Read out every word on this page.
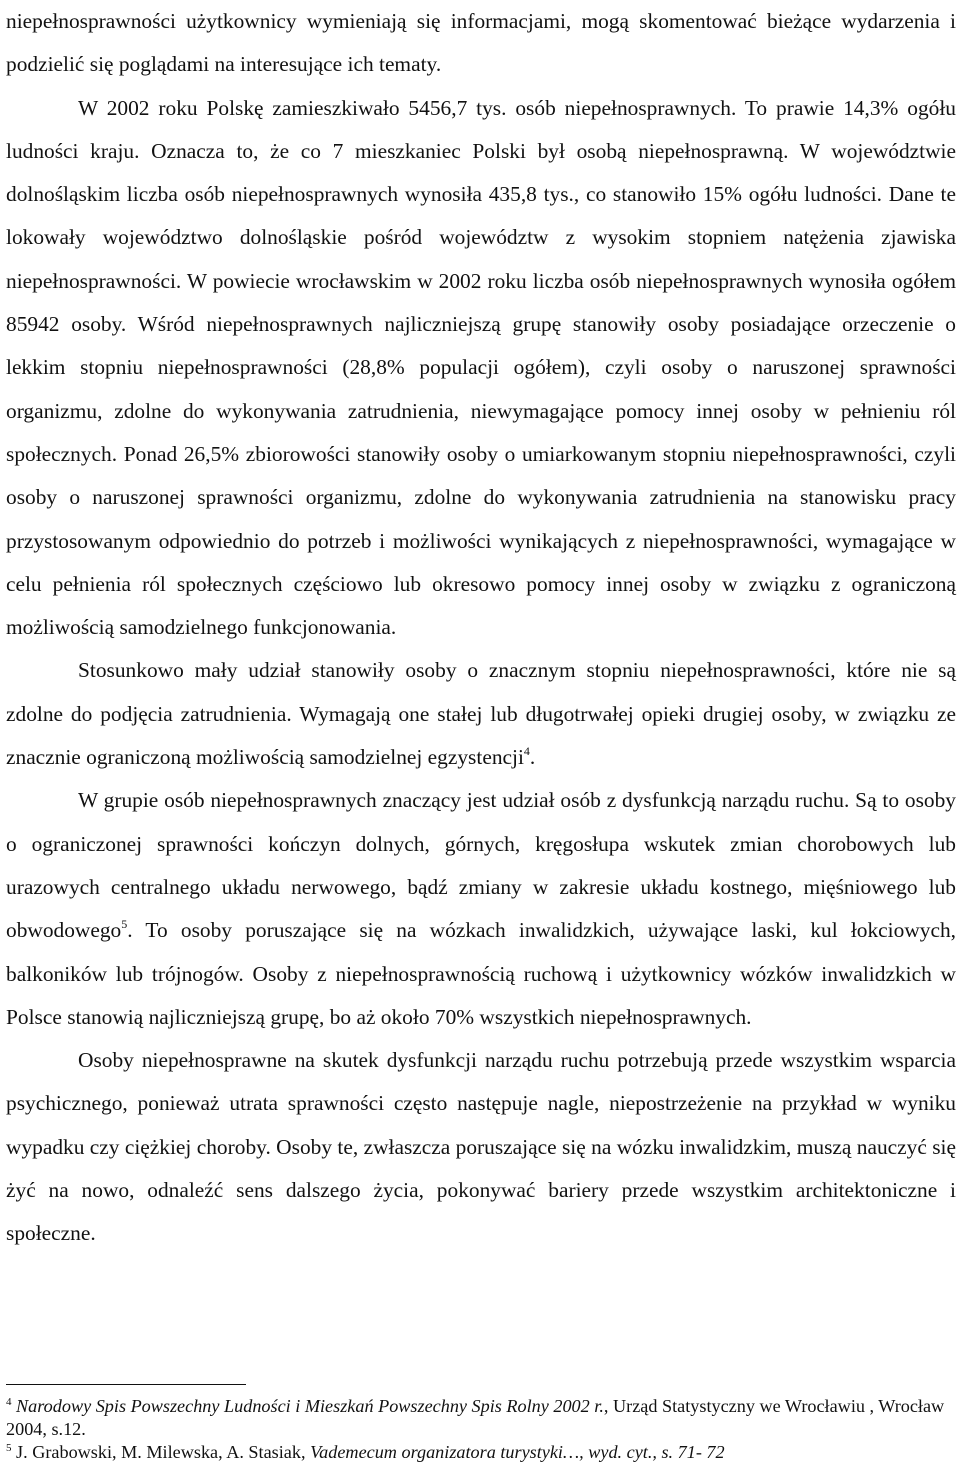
niepełnosprawności użytkownicy wymieniają się informacjami, mogą skomentować bieżące wydarzenia i podzielić się poglądami na interesujące ich tematy.

W 2002 roku Polskę zamieszkiwało 5456,7 tys. osób niepełnosprawnych. To prawie 14,3% ogółu ludności kraju. Oznacza to, że co 7 mieszkaniec Polski był osobą niepełnosprawną. W województwie dolnośląskim liczba osób niepełnosprawnych wynosiła 435,8 tys., co stanowiło 15% ogółu ludności. Dane te lokowały województwo dolnośląskie pośród województw z wysokim stopniem natężenia zjawiska niepełnosprawności. W powiecie wrocławskim w 2002 roku liczba osób niepełnosprawnych wynosiła ogółem 85942 osoby. Wśród niepełnosprawnych najliczniejszą grupę stanowiły osoby posiadające orzeczenie o lekkim stopniu niepełnosprawności (28,8% populacji ogółem), czyli osoby o naruszonej sprawności organizmu, zdolne do wykonywania zatrudnienia, niewymagające pomocy innej osoby w pełnieniu ról społecznych. Ponad 26,5% zbiorowości stanowiły osoby o umiarkowanym stopniu niepełnosprawności, czyli osoby o naruszonej sprawności organizmu, zdolne do wykonywania zatrudnienia na stanowisku pracy przystosowanym odpowiednio do potrzeb i możliwości wynikających z niepełnosprawności, wymagające w celu pełnienia ról społecznych częściowo lub okresowo pomocy innej osoby w związku z ograniczoną możliwością samodzielnego funkcjonowania.

Stosunkowo mały udział stanowiły osoby o znacznym stopniu niepełnosprawności, które nie są zdolne do podjęcia zatrudnienia. Wymagają one stałej lub długotrwałej opieki drugiej osoby, w związku ze znacznie ograniczoną możliwością samodzielnej egzystencji$^4$.

W grupie osób niepełnosprawnych znaczący jest udział osób z dysfunkcją narządu ruchu. Są to osoby o ograniczonej sprawności kończyn dolnych, górnych, kręgosłupa wskutek zmian chorobowych lub urazowych centralnego układu nerwowego, bądź zmiany w zakresie układu kostnego, mięśniowego lub obwodowego$^5$. To osoby poruszające się na wózkach inwalidzkich, używające laski, kul łokciowych, balkoników lub trójnogów. Osoby z niepełnosprawnością ruchową i użytkownicy wózków inwalidzkich w Polsce stanowią najliczniejszą grupę, bo aż około 70% wszystkich niepełnosprawnych.

Osoby niepełnosprawne na skutek dysfunkcji narządu ruchu potrzebują przede wszystkim wsparcia psychicznego, ponieważ utrata sprawności często następuje nagle, niepostrzeżenie na przykład w wyniku wypadku czy ciężkiej choroby. Osoby te, zwłaszcza poruszające się na wózku inwalidzkim, muszą nauczyć się żyć na nowo, odnaleźć sens dalszego życia, pokonywać bariery przede wszystkim architektoniczne i społeczne.

$^4$ Narodowy Spis Powszechny Ludności i Mieszkań Powszechny Spis Rolny 2002 r., Urząd Statystyczny we Wrocławiu , Wrocław 2004, s.12.

$^5$ J. Grabowski, M. Milewska, A. Stasiak, Vademecum organizatora turystyki…, wyd. cyt., s. 71- 72
